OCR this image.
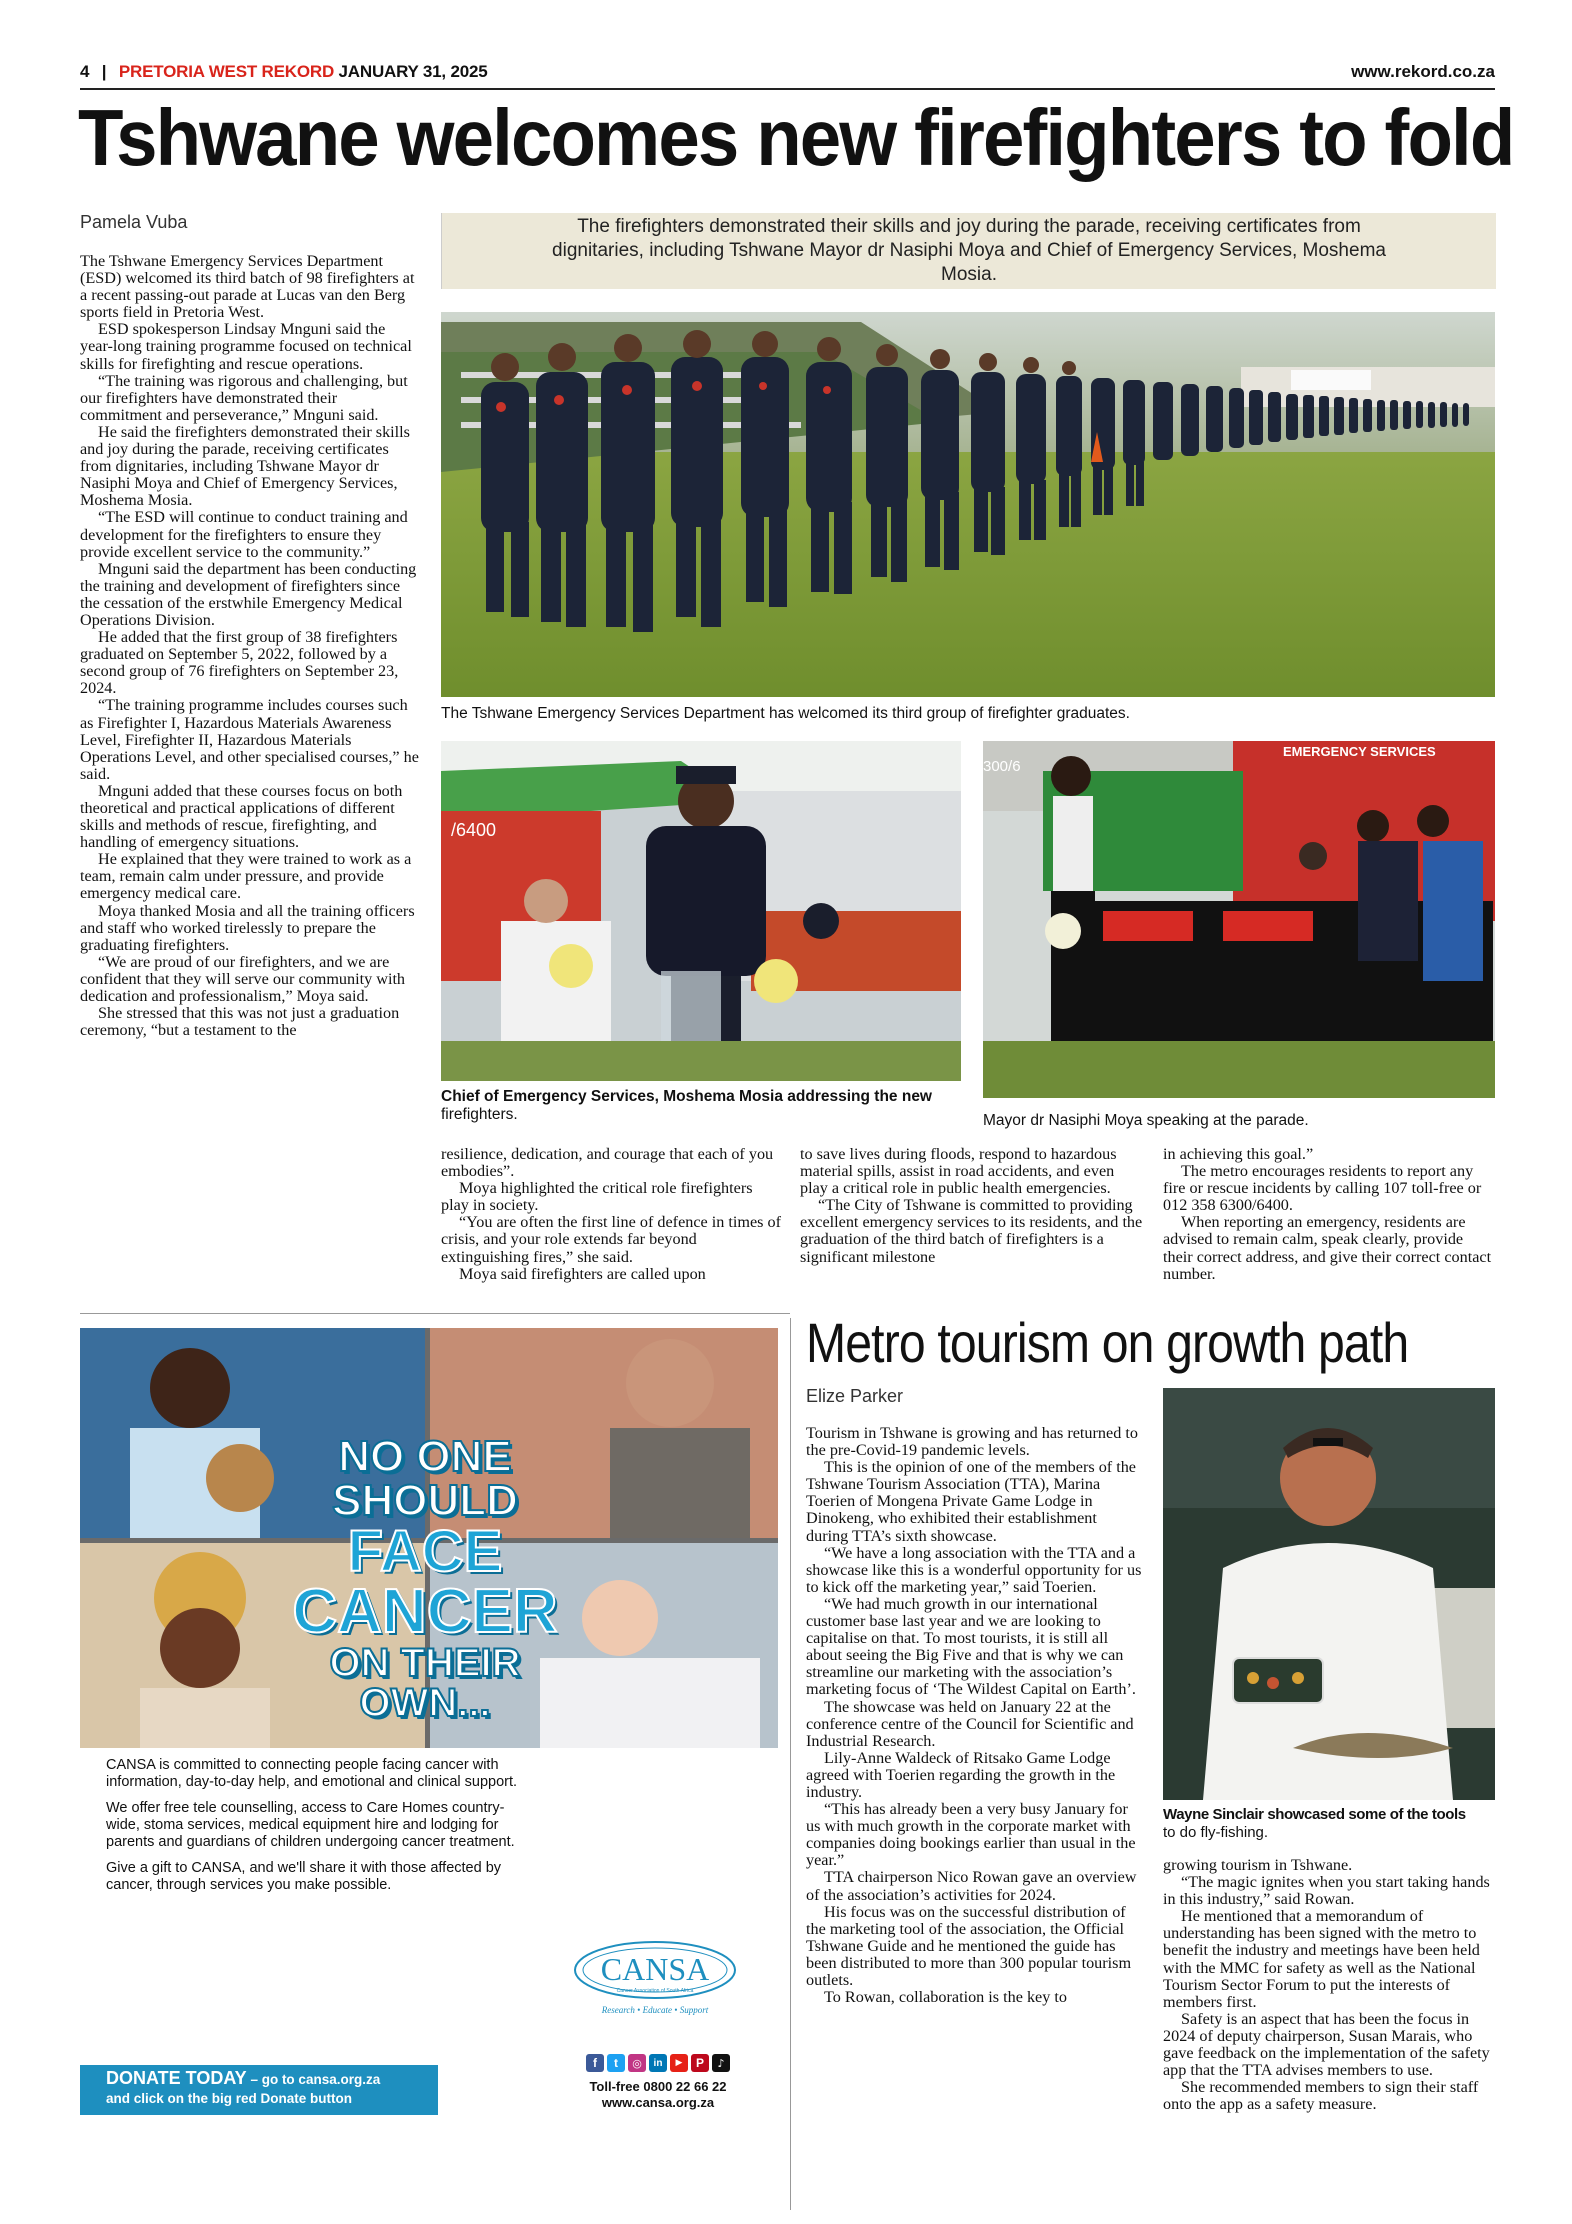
4 | PRETORIA WEST REKORD JANUARY 31, 2025	www.rekord.co.za
Tshwane welcomes new firefighters to fold
Pamela Vuba

The Tshwane Emergency Services Department (ESD) welcomed its third batch of 98 firefighters at a recent passing-out parade at Lucas van den Berg sports field in Pretoria West.

ESD spokesperson Lindsay Mnguni said the year-long training programme focused on technical skills for firefighting and rescue operations.

“The training was rigorous and challenging, but our firefighters have demonstrated their commitment and perseverance,” Mnguni said.

He said the firefighters demonstrated their skills and joy during the parade, receiving certificates from dignitaries, including Tshwane Mayor dr Nasiphi Moya and Chief of Emergency Services, Moshema Mosia.

“The ESD will continue to conduct training and development for the firefighters to ensure they provide excellent service to the community.”

Mnguni said the department has been conducting the training and development of firefighters since the cessation of the erstwhile Emergency Medical Operations Division.

He added that the first group of 38 firefighters graduated on September 5, 2022, followed by a second group of 76 firefighters on September 23, 2024.

“The training programme includes courses such as Firefighter I, Hazardous Materials Awareness Level, Firefighter II, Hazardous Materials Operations Level, and other specialised courses,” he said.

Mnguni added that these courses focus on both theoretical and practical applications of different skills and methods of rescue, firefighting, and handling of emergency situations.

He explained that they were trained to work as a team, remain calm under pressure, and provide emergency medical care.

Moya thanked Mosia and all the training officers and staff who worked tirelessly to prepare the graduating firefighters.

“We are proud of our firefighters, and we are confident that they will serve our community with dedication and professionalism,” Moya said.

She stressed that this was not just a graduation ceremony, “but a testament to the

The firefighters demonstrated their skills and joy during the parade, receiving certificates from dignitaries, including Tshwane Mayor dr Nasiphi Moya and Chief of Emergency Services, Moshema Mosia.
The Tshwane Emergency Services Department has welcomed its third group of firefighter graduates.
/6400
Chief of Emergency Services, Moshema Mosia addressing the new
firefighters.
EMERGENCY SERVICES
300/6
Mayor dr Nasiphi Moya speaking at the parade.

resilience, dedication, and courage that each of you embodies”.

Moya highlighted the critical role firefighters play in society.

“You are often the first line of defence in times of crisis, and your role extends far beyond extinguishing fires,” she said.

Moya said firefighters are called upon

to save lives during floods, respond to hazardous material spills, assist in road accidents, and even play a critical role in public health emergencies.

“The City of Tshwane is committed to providing excellent emergency services to its residents, and the graduation of the third batch of firefighters is a significant milestone

in achieving this goal.”

The metro encourages residents to report any fire or rescue incidents by calling 107 toll-free or 012 358 6300/6400.

When reporting an emergency, residents are advised to remain calm, speak clearly, provide their correct address, and give their correct contact number.

NO ONE
SHOULD
FACE
CANCER
ON THEIR
OWN...

CANSA is committed to connecting people facing cancer with information, day-to-day help, and emotional and clinical support.

We offer free tele counselling, access to Care Homes country-wide, stoma services, medical equipment hire and lodging for parents and guardians of children undergoing cancer treatment.

Give a gift to CANSA, and we'll share it with those affected by cancer, through services you make possible.

DONATE TODAY – go to cansa.org.za
and click on the big red Donate button
CANSA
Cancer Association of South Africa
Research • Educate • Support
f	t	◎	in	▶	P	♪
Toll-free 0800 22 66 22
www.cansa.org.za
Metro tourism on growth path
Elize Parker

Tourism in Tshwane is growing and has returned to the pre-Covid-19 pandemic levels.

This is the opinion of one of the members of the Tshwane Tourism Association (TTA), Marina Toerien of Mongena Private Game Lodge in Dinokeng, who exhibited their establishment during TTA’s sixth showcase.

“We have a long association with the TTA and a showcase like this is a wonderful opportunity for us to kick off the marketing year,” said Toerien.

“We had much growth in our international customer base last year and we are looking to capitalise on that. To most tourists, it is still all about seeing the Big Five and that is why we can streamline our marketing with the association’s marketing focus of ‘The Wildest Capital on Earth’.

The showcase was held on January 22 at the conference centre of the Council for Scientific and Industrial Research.

Lily-Anne Waldeck of Ritsako Game Lodge agreed with Toerien regarding the growth in the industry.

“This has already been a very busy January for us with much growth in the corporate market with companies doing bookings earlier than usual in the year.”

TTA chairperson Nico Rowan gave an overview of the association’s activities for 2024.

His focus was on the successful distribution of the marketing tool of the association, the Official Tshwane Guide and he mentioned the guide has been distributed to more than 300 popular tourism outlets.

To Rowan, collaboration is the key to

Wayne Sinclair showcased some of the tools
to do fly-fishing.

growing tourism in Tshwane.

“The magic ignites when you start taking hands in this industry,” said Rowan.

He mentioned that a memorandum of understanding has been signed with the metro to benefit the industry and meetings have been held with the MMC for safety as well as the National Tourism Sector Forum to put the interests of members first.

Safety is an aspect that has been the focus in 2024 of deputy chairperson, Susan Marais, who gave feedback on the implementation of the safety app that the TTA advises members to use.

She recommended members to sign their staff onto the app as a safety measure.
